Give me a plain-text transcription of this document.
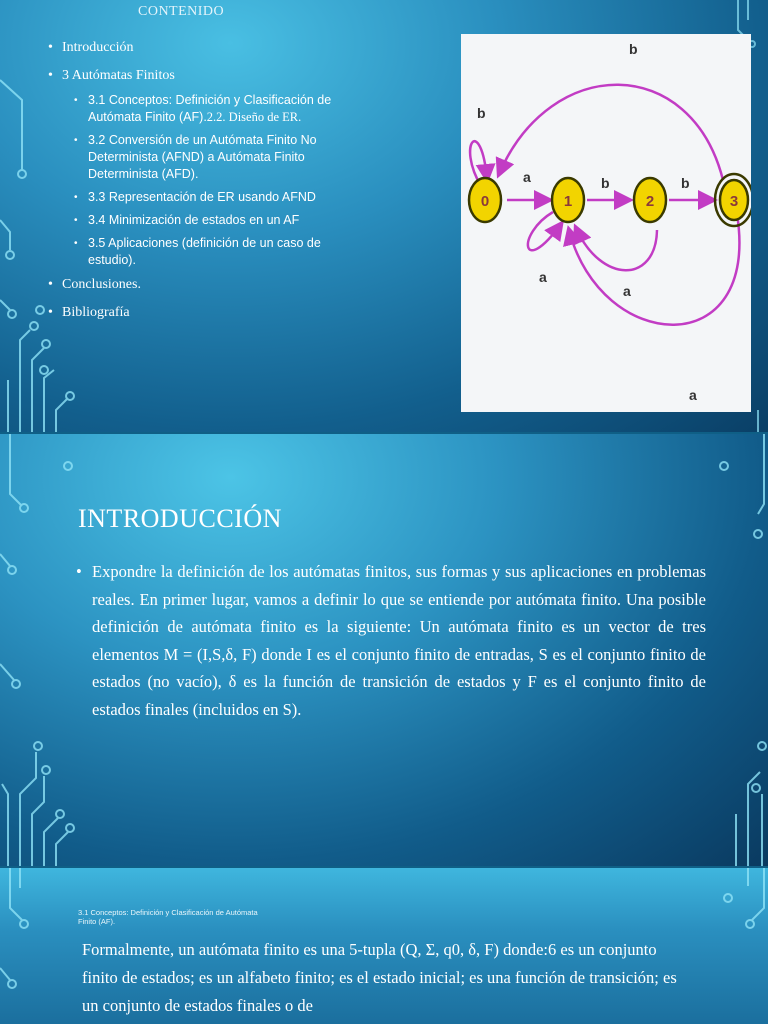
CONTENIDO
• Introducción
• 3 Autómatas Finitos
• 3.1 Conceptos: Definición y Clasificación de Autómata Finito (AF).2.2. Diseño de ER.
• 3.2 Conversión de un Autómata Finito No Determinista (AFND) a Autómata Finito Determinista (AFD).
• 3.3 Representación de ER usando AFND
• 3.4 Minimización de estados en un AF
• 3.5 Aplicaciones (definición de un caso de estudio).
• Conclusiones.
• Bibliografía
b
b
a	b	b
a
a
a
0	1	2	3
INTRODUCCIÓN
• Expondre la definición de los autómatas finitos, sus formas y sus aplicaciones en problemas reales. En primer lugar, vamos a definir lo que se entiende por autómata finito. Una posible definición de autómata finito es la siguiente: Un autómata finito es un vector de tres elementos M = (I,S,δ, F) donde I es el conjunto finito de entradas, S es el conjunto finito de estados (no vacío), δ es la función de transición de estados y F es el conjunto finito de estados finales (incluidos en S).
3.1 Conceptos: Definición y Clasificación de Autómata Finito (AF).
Formalmente, un autómata finito es una 5-tupla (Q, Σ, q0, δ, F) donde:6 es un conjunto finito de estados; es un alfabeto finito; es el estado inicial; es una función de transición; es un conjunto de estados finales o de
